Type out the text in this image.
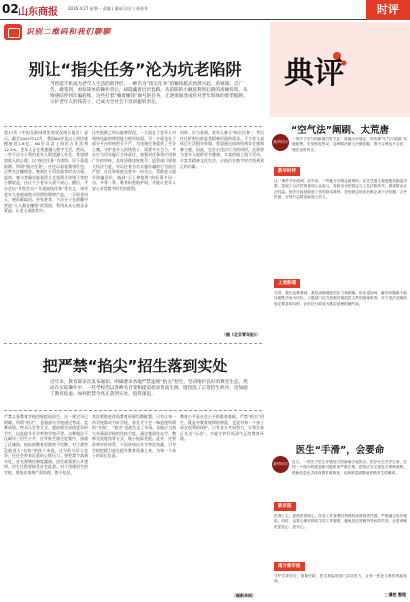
02 山东商报	2026.4.27 星期一 责编 | 董丽 设计 | 胡金华	时评
识别二维码和我们聊聊
别让“指尖任务”沦为坑老陷阱
当智能手机成为老年人生活的新伴侣，一种名为“指尖任务”的赚钱模式悄然兴起。看视频、点广告、做签到，看似简单的操作背后，却隐藏着层层套路。从前期的小额返利到后期的高额投资，从情感陪伴到诈骗转账，这些打着“躺着赚钱”旗号的任务，正逐渐演变成针对老年群体的新型陷阱。守护老年人的钱袋子，已成为全社会不容回避的责任。
第17次《中国互联网络发展状况统计报告》显示，截至2025年12月，我国60岁及以上网民规模接近1.6亿，60岁及以上网民占比达到12.5%，老年人正在快速融入数字生活。然而，一些不法分子利用老年人渴望融入社会、希望增加收入的心理，以“指尖任务”为诱饵，设下重重陷阱。所谓“指尖任务”，往往以看视频领红包、点赞关注赚佣金、签到打卡得奖励等形式出现。起初，参与者确实能获得几毛钱到几块钱不等的小额收益，这让不少老年人放下戒心。随后，平台会以“升级会员”“开通高级任务”等名义，诱导老年人充值或购买所谓的理财产品，一旦资金投入，便再难取回。更有甚者，不法分子在群聊中营造“人人都在赚钱”的氛围，利用从众心理步步紧逼，让老人深陷其中。
这些陷阱之所以能够得逞，一方面在于老年人对网络风险的辨别能力相对较弱，另一方面也在于部分平台审核把关不严，为违规任务提供了生存土壤。守护老年人的钱袋子，需要多方合力。平台应当切实履行主体责任，加强对任务类应用和广告的审核，及时清理违规账号；监管部门要加大执法力度，对以任务为名实施诈骗的行为依法严惩；社区和家庭也要多一份关心，帮助老人提升防骗意识，遇到“天上掉馅饼”的好事多问一句、多等一等。唯有织密防护网，才能让老年人安心享受数字时代的便利。
同时，应当看到，老年人参与“指尖任务”，背后往往折射出的是其精神层面的需求。不少老人退休后生活相对单调，希望通过网络找到存在感和参与感。因此，在打击违法行为的同时，还需要为老年人提供更多健康、丰富的线上线下活动，丰富其精神文化生活，让他们在数字时代找到真正的归属。
（据《北京青年报》）
把严禁“掐尖”招生落到实处
近年来，教育部多次发布通知，明确要求各地严禁违规“掐尖”招生，坚决维护良好的教育生态。然而在实际操作中，一些学校仍以各种名目变相提前招录优质生源，既扰乱了正常招生秩序，也加剧了教育焦虑。如何把禁令真正落到实处，值得深思。
严禁义务教育学校违规提前招生，这一规定早已明确。所谓“掐尖”，是指部分学校通过考试、竞赛成绩、特长认定等方式，提前锁定成绩优异的学生，以此提升升学率和学校声誉。这种做法不仅破坏了招生公平，还导致生源过度集中，加剧了区域间、校际间教育资源的不均衡。对于那些没能进入“名校”的孩子来说，过早的分层与竞争，往往会带来沉重的心理压力。要把禁令落到实处，首先要堵住制度漏洞。招生政策要公开透明，招生过程要接受社会监督，对于违规招生的学校，要依法依规严肃处理，绝不姑息。
其次要推进优质教育资源均衡配置。只有让每一所学校都成为好学校，家长才不会一味追逐所谓的“名校”，“掐尖”也就失去了市场。各地应当加大对薄弱学校的扶持力度，通过集团化办学、教师交流轮岗等方式，缩小校际差距。此外，还要改革评价体系，不再单纯以升学率论英雄，引导学校把精力放在提升教育质量上来，为每一个孩子的成长负责。
教育公平是社会公平的重要基础。严禁“掐尖”招生，既是对教育规律的尊重，也是对每一个孩子成长权利的保护。只有各方共同努力，让规定真正长出“牙齿”，才能守护好风清气正的教育环境。
（据新华网）
典评
新华时评
“空气法”阐刷、太荒唐
一则关于空气的新闻引发关注：某地出台规定，对所谓“空气污染源”实施收费，引发网友热议。这种做法缺乏法律依据，既不合理也不合法，理应及时纠正。
新华时评
这一事件并非孤例。近年来，一些地方在制定政策时，往往凭借主观意愿拍脑袋决策，忽视了合法性审查和公众参与，导致出台的规定与上位法相冲突，损害群众合法权益。依法行政是政府工作的基本准则，任何规定的出台都必须于法有据、合乎民意，否则只会损害政府公信力。
上观新闻
当然，我们也要看到，基层治理面临的压力和困难。但无论如何，解决问题都不能以牺牲法治为代价。上级部门应当加强对规范性文件的备案审查，对于违法违规的规定要及时叫停，让依法行政成为基层治理的硬约束。
新华时评
医生“手滑”，会要命
近日，一则关于医生开错处方的新闻引起热议。医疗安全关乎生命，任何一个细小的疏忽都可能带来严重后果。医院应当完善处方审核流程，借助信息化手段设置多重核查，从制度层面降低差错发生的概率。
新京报
医者仁心，更需医者细心。医务工作者要时刻保持高度的责任感，严格遵守诊疗规范。同时，也要合理安排医生的工作强度，避免因过度疲劳导致的失误，让患者就医更放心、更安心。
南方都市报
守护生命安全，需要医院、医生和监管部门共同发力，让每一张处方都经得起检验。
□潘胜 整理
